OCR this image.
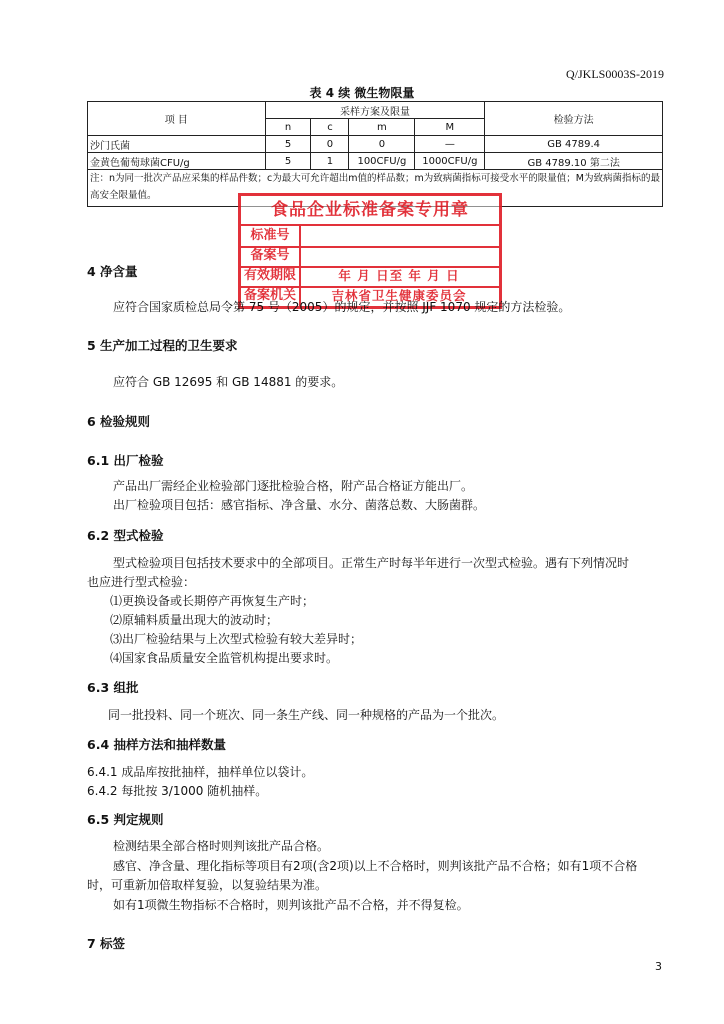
Q/JKLS0003S-2019
表 4 续 微生物限量
项 目	采样方案及限量				检验方法
	n	c	m	M	
沙门氏菌	5	0	0	—	GB 4789.4
金黄色葡萄球菌CFU/g	5	1	100CFU/g	1000CFU/g	GB 4789.10 第二法
注：n为同一批次产品应采集的样品件数；c为最大可允许超出m值的样品数；m为致病菌指标可接受水平的限量值；M为致病菌指标的最高安全限量值。					
食品企业标准备案专用章
标准号
备案号
有效期限	年 月 日至 年 月 日
备案机关	吉林省卫生健康委员会
4 净含量
应符合国家质检总局令第 75 号（2005）的规定，并按照 JJF 1070 规定的方法检验。
5 生产加工过程的卫生要求
应符合 GB 12695 和 GB 14881 的要求。
6 检验规则
6.1 出厂检验
产品出厂需经企业检验部门逐批检验合格，附产品合格证方能出厂。
出厂检验项目包括：感官指标、净含量、水分、菌落总数、大肠菌群。
6.2 型式检验
型式检验项目包括技术要求中的全部项目。正常生产时每半年进行一次型式检验。遇有下列情况时
也应进行型式检验：
⑴更换设备或长期停产再恢复生产时；
⑵原辅料质量出现大的波动时；
⑶出厂检验结果与上次型式检验有较大差异时；
⑷国家食品质量安全监管机构提出要求时。
6.3 组批
同一批投料、同一个班次、同一条生产线、同一种规格的产品为一个批次。
6.4 抽样方法和抽样数量
6.4.1 成品库按批抽样，抽样单位以袋计。
6.4.2 每批按 3/1000 随机抽样。
6.5 判定规则
检测结果全部合格时则判该批产品合格。
感官、净含量、理化指标等项目有2项(含2项)以上不合格时，则判该批产品不合格；如有1项不合格
时，可重新加倍取样复验，以复验结果为准。
如有1项微生物指标不合格时，则判该批产品不合格，并不得复检。
7 标签
3
